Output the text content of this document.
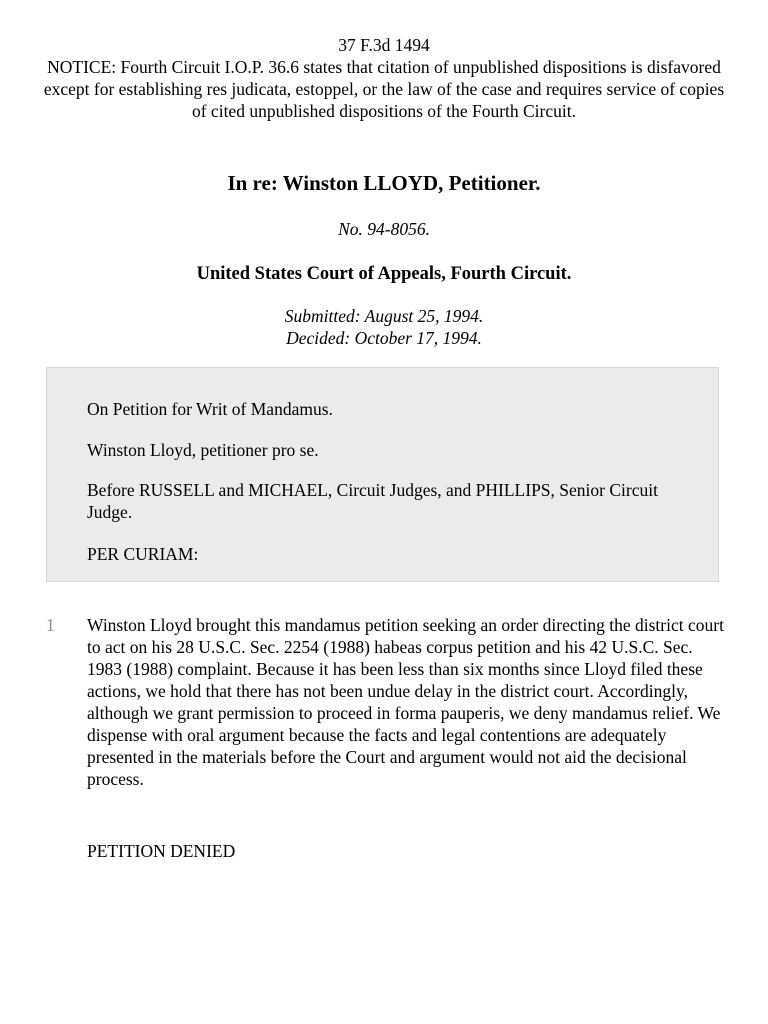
37 F.3d 1494
NOTICE: Fourth Circuit I.O.P. 36.6 states that citation of unpublished dispositions is disfavored except for establishing res judicata, estoppel, or the law of the case and requires service of copies of cited unpublished dispositions of the Fourth Circuit.
In re: Winston LLOYD, Petitioner.
No. 94-8056.
United States Court of Appeals, Fourth Circuit.
Submitted: August 25, 1994.
Decided: October 17, 1994.

On Petition for Writ of Mandamus.

Winston Lloyd, petitioner pro se.

Before RUSSELL and MICHAEL, Circuit Judges, and PHILLIPS, Senior Circuit Judge.

PER CURIAM:

1 Winston Lloyd brought this mandamus petition seeking an order directing the district court to act on his 28 U.S.C. Sec. 2254 (1988) habeas corpus petition and his 42 U.S.C. Sec. 1983 (1988) complaint. Because it has been less than six months since Lloyd filed these actions, we hold that there has not been undue delay in the district court. Accordingly, although we grant permission to proceed in forma pauperis, we deny mandamus relief. We dispense with oral argument because the facts and legal contentions are adequately presented in the materials before the Court and argument would not aid the decisional process.

PETITION DENIED
